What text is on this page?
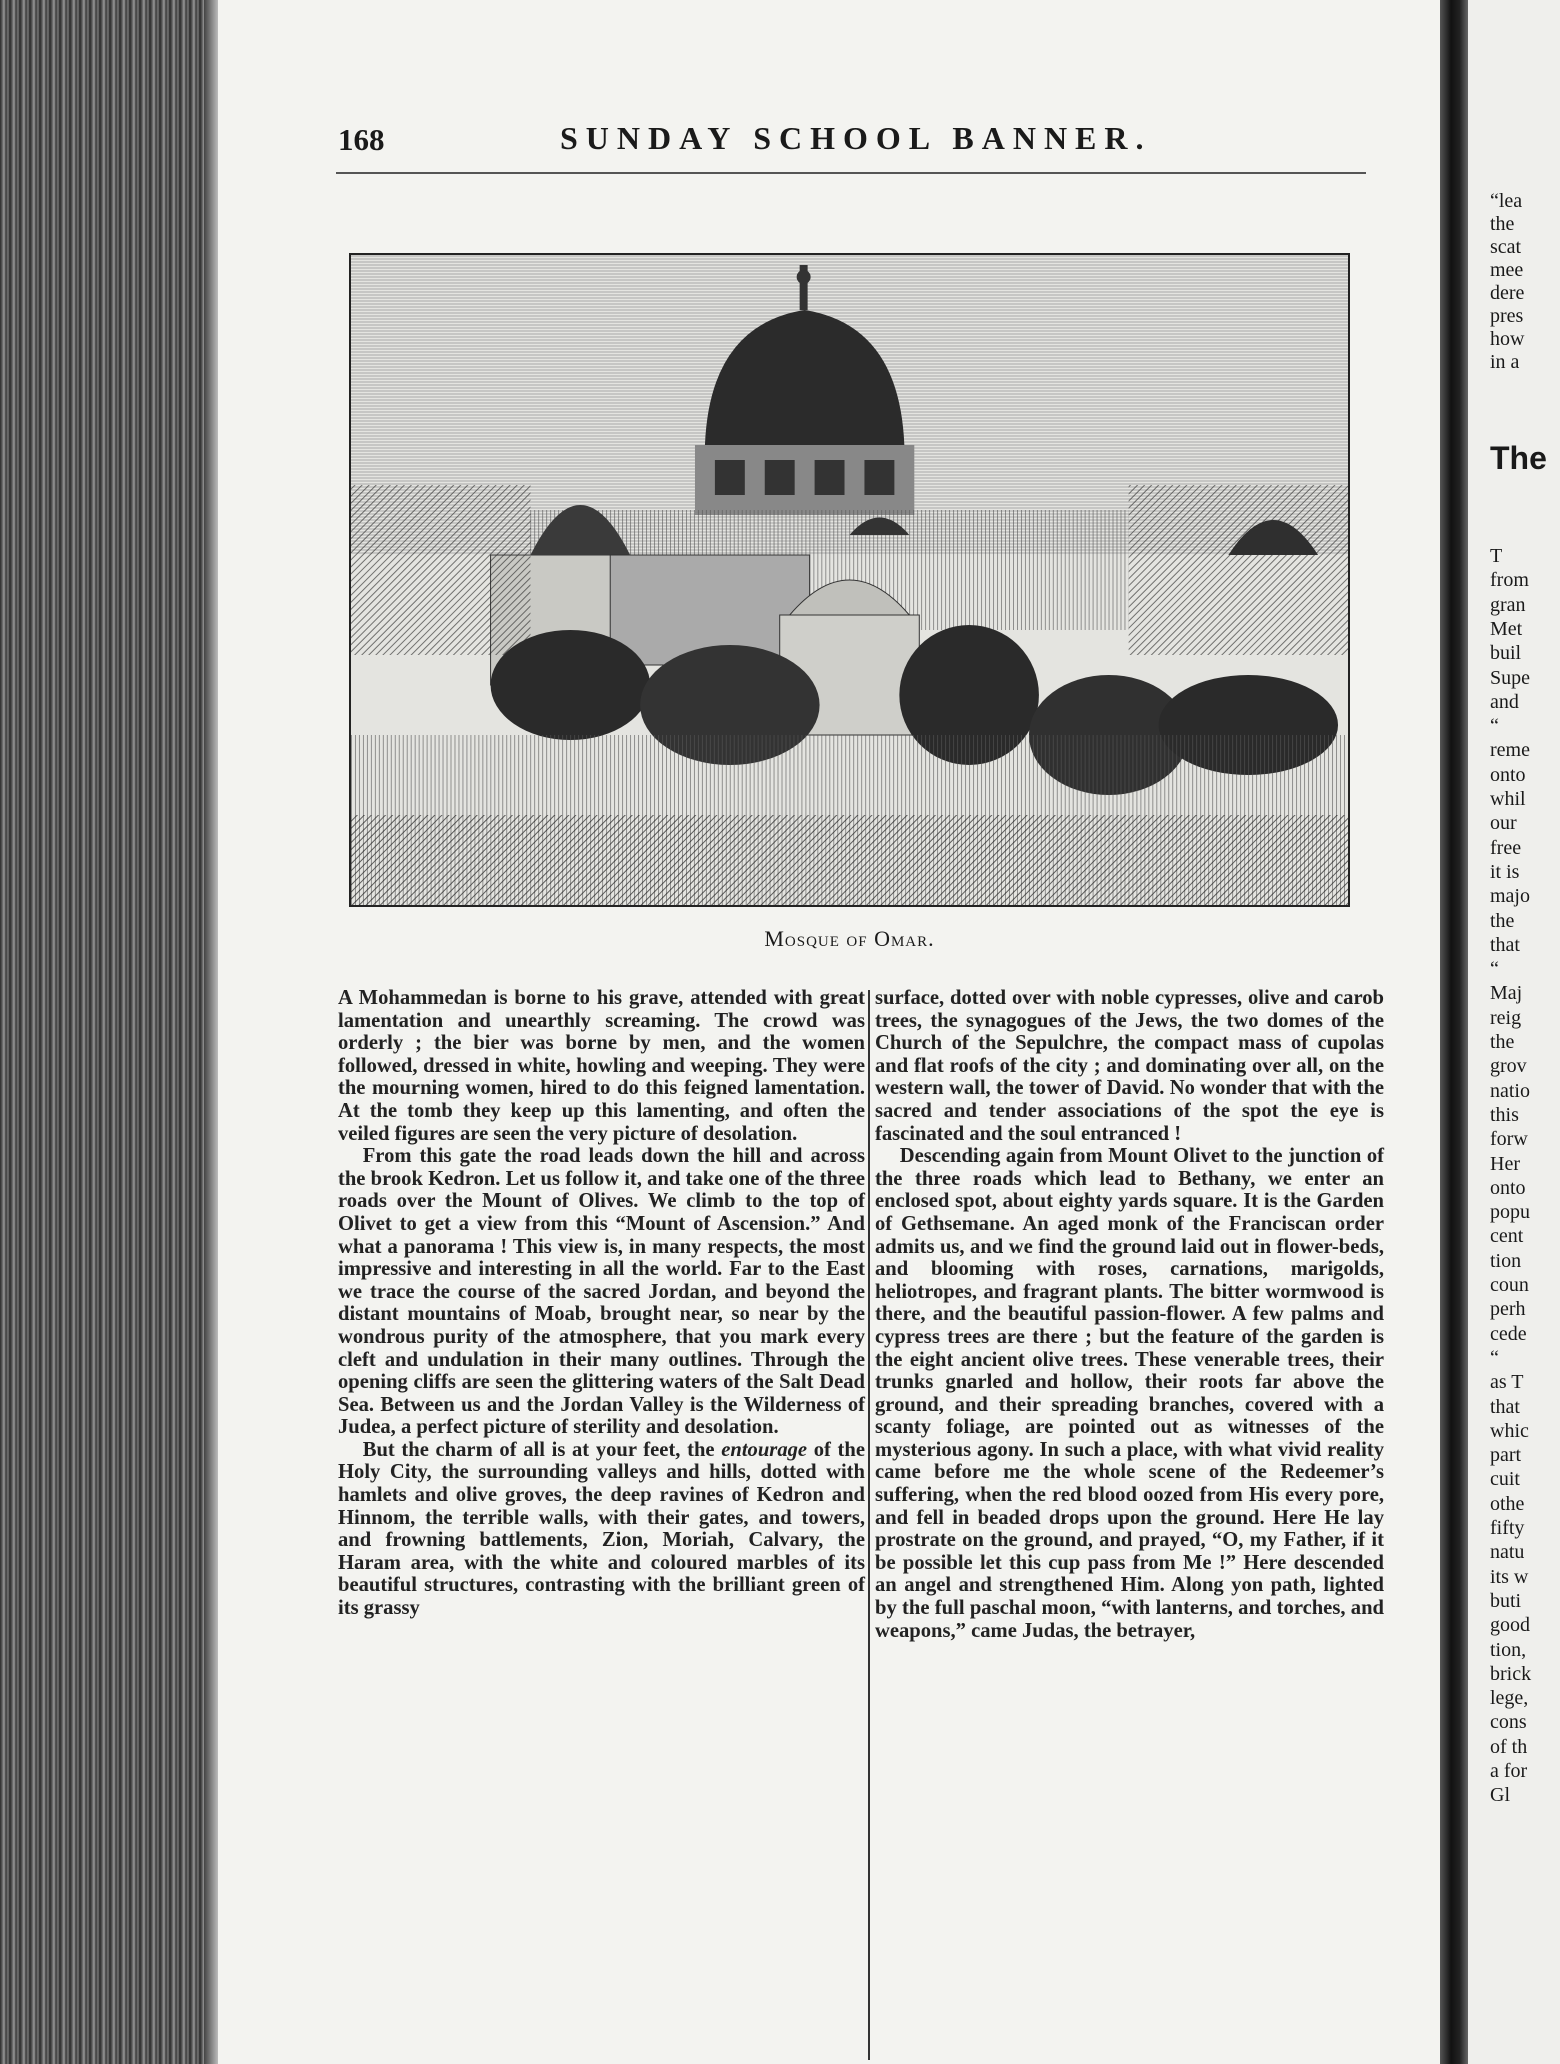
168	SUNDAY SCHOOL BANNER.
Mosque of Omar.

A Mohammedan is borne to his grave, attended with great lamentation and unearthly screaming. The crowd was orderly ; the bier was borne by men, and the women followed, dressed in white, howling and weeping. They were the mourning women, hired to do this feigned lamentation. At the tomb they keep up this lamenting, and often the veiled figures are seen the very picture of desolation.

From this gate the road leads down the hill and across the brook Kedron. Let us follow it, and take one of the three roads over the Mount of Olives. We climb to the top of Olivet to get a view from this “Mount of Ascension.” And what a panorama ! This view is, in many respects, the most impressive and interesting in all the world. Far to the East we trace the course of the sacred Jordan, and beyond the distant mountains of Moab, brought near, so near by the wondrous purity of the atmosphere, that you mark every cleft and undulation in their many outlines. Through the opening cliffs are seen the glittering waters of the Salt Dead Sea. Between us and the Jordan Valley is the Wilderness of Judea, a perfect picture of sterility and desolation.

But the charm of all is at your feet, the entourage of the Holy City, the surrounding valleys and hills, dotted with hamlets and olive groves, the deep ravines of Kedron and Hinnom, the terrible walls, with their gates, and towers, and frowning battlements, Zion, Moriah, Calvary, the Haram area, with the white and coloured marbles of its beautiful structures, contrasting with the brilliant green of its grassy

surface, dotted over with noble cypresses, olive and carob trees, the synagogues of the Jews, the two domes of the Church of the Sepulchre, the compact mass of cupolas and flat roofs of the city ; and dominating over all, on the western wall, the tower of David. No wonder that with the sacred and tender associations of the spot the eye is fascinated and the soul entranced !

Descending again from Mount Olivet to the junction of the three roads which lead to Bethany, we enter an enclosed spot, about eighty yards square. It is the Garden of Gethsemane. An aged monk of the Franciscan order admits us, and we find the ground laid out in flower-beds, and blooming with roses, carnations, marigolds, heliotropes, and fragrant plants. The bitter wormwood is there, and the beautiful passion-flower. A few palms and cypress trees are there ; but the feature of the garden is the eight ancient olive trees. These venerable trees, their trunks gnarled and hollow, their roots far above the ground, and their spreading branches, covered with a scanty foliage, are pointed out as witnesses of the mysterious agony. In such a place, with what vivid reality came before me the whole scene of the Redeemer’s suffering, when the red blood oozed from His every pore, and fell in beaded drops upon the ground. Here He lay prostrate on the ground, and prayed, “O, my Father, if it be possible let this cup pass from Me !” Here descended an angel and strengthened Him. Along yon path, lighted by the full paschal moon, “with lanterns, and torches, and weapons,” came Judas, the betrayer,

The
“lea
the
scat
mee
dere
pres
how
in a
T
from
gran
Met
buil
Supe
and
“
reme
onto
whil
our
free
it is
majo
the
that
“
Maj
reig
the
grov
natio
this
forw
Her
onto
popu
cent
tion
coun
perh
cede
“
as T
that
whic
part
cuit
othe
fifty
natu
its w
buti
good
tion,
brick
lege,
cons
of th
a for
Gl
